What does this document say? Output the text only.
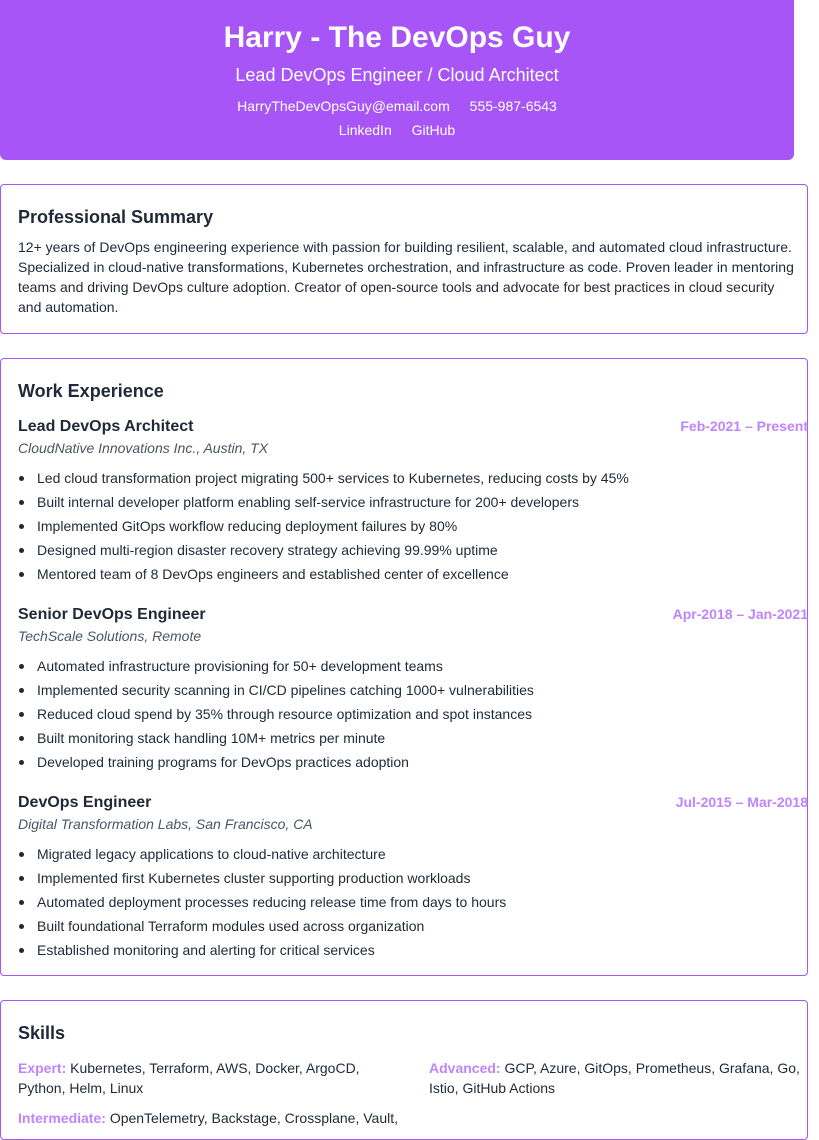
Harry - The DevOps Guy
Lead DevOps Engineer / Cloud Architect
HarryTheDevOpsGuy@email.com 555-987-6543
LinkedIn GitHub
Professional Summary
12+ years of DevOps engineering experience with passion for building resilient, scalable, and automated cloud infrastructure.
Specialized in cloud-native transformations, Kubernetes orchestration, and infrastructure as code. Proven leader in mentoring
teams and driving DevOps culture adoption. Creator of open-source tools and advocate for best practices in cloud security
and automation.
Work Experience
Lead DevOps Architect	Feb-2021 – Present
CloudNative Innovations Inc., Austin, TX
Led cloud transformation project migrating 500+ services to Kubernetes, reducing costs by 45%
Built internal developer platform enabling self-service infrastructure for 200+ developers
Implemented GitOps workflow reducing deployment failures by 80%
Designed multi-region disaster recovery strategy achieving 99.99% uptime
Mentored team of 8 DevOps engineers and established center of excellence
Senior DevOps Engineer	Apr-2018 – Jan-2021
TechScale Solutions, Remote
Automated infrastructure provisioning for 50+ development teams
Implemented security scanning in CI/CD pipelines catching 1000+ vulnerabilities
Reduced cloud spend by 35% through resource optimization and spot instances
Built monitoring stack handling 10M+ metrics per minute
Developed training programs for DevOps practices adoption
DevOps Engineer	Jul-2015 – Mar-2018
Digital Transformation Labs, San Francisco, CA
Migrated legacy applications to cloud-native architecture
Implemented first Kubernetes cluster supporting production workloads
Automated deployment processes reducing release time from days to hours
Built foundational Terraform modules used across organization
Established monitoring and alerting for critical services
Skills
Expert: Kubernetes, Terraform, AWS, Docker, ArgoCD,
Python, Helm, Linux
Advanced: GCP, Azure, GitOps, Prometheus, Grafana, Go,
Istio, GitHub Actions
Intermediate: OpenTelemetry, Backstage, Crossplane, Vault,
